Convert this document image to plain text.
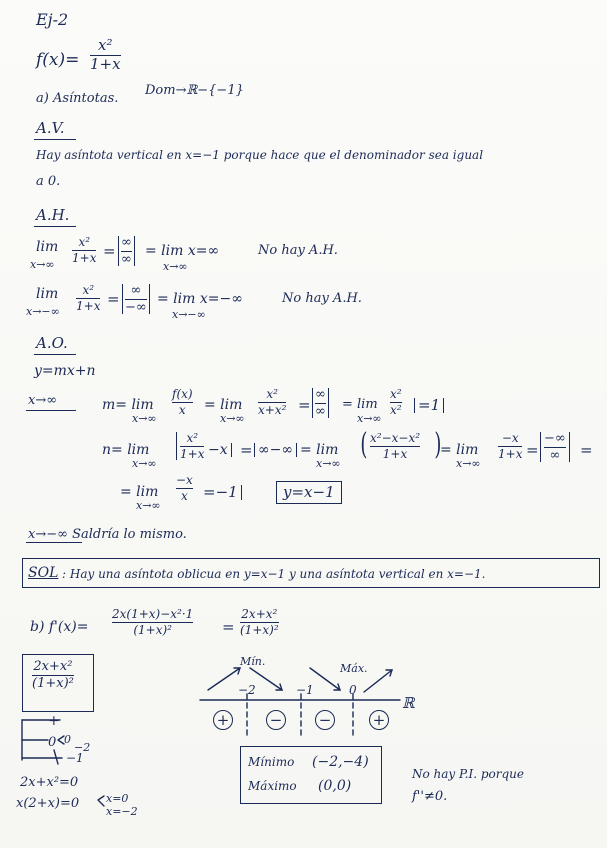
Ej-2
f(x)=
x²
1+x
a) Asíntotas.
Dom→ℝ−{−1}
A.V.
Hay asíntota vertical en x=−1 porque hace que el denominador sea igual
a 0.
A.H.
lim
x→∞
x²
1+x = ∞
∞
= lim x=∞
x→∞
No hay A.H.
lim
x→−∞
x²
1+x = ∞
−∞
= lim x=−∞
x→−∞
No hay A.H.
A.O.
y=mx+n
x→∞	m= lim
x→∞
f(x)
x = lim
x→∞
x²
x+x² =
∞
∞ = lim
x→∞
x²
x² =1
n= lim
x→∞
x²
1+x −x = ∞−∞ = lim
x→∞
( x²−x−x²
1+x )
= lim
x→∞
−x
1+x =
−∞
∞ =
= lim
x→∞
−x
x =−1	y=x−1
x→−∞ Saldría lo mismo.
SOL : Hay una asíntota oblicua en y=x−1 y una asíntota vertical en x=−1.
b) f'(x)=
2x(1+x)−x²·1
(1+x)²	=
2x+x²
(1+x)²
2x+x²
(1+x)²
+
0 0
−2
−1
2x+x²=0
x(2+x)=0 x=0
x=−2
Mín.
Máx.
−2	−1	0
ℝ
+	− −	+
Mínimo (−2,−4)
Máximo (0,0)
No hay P.I. porque
f''≠0.
